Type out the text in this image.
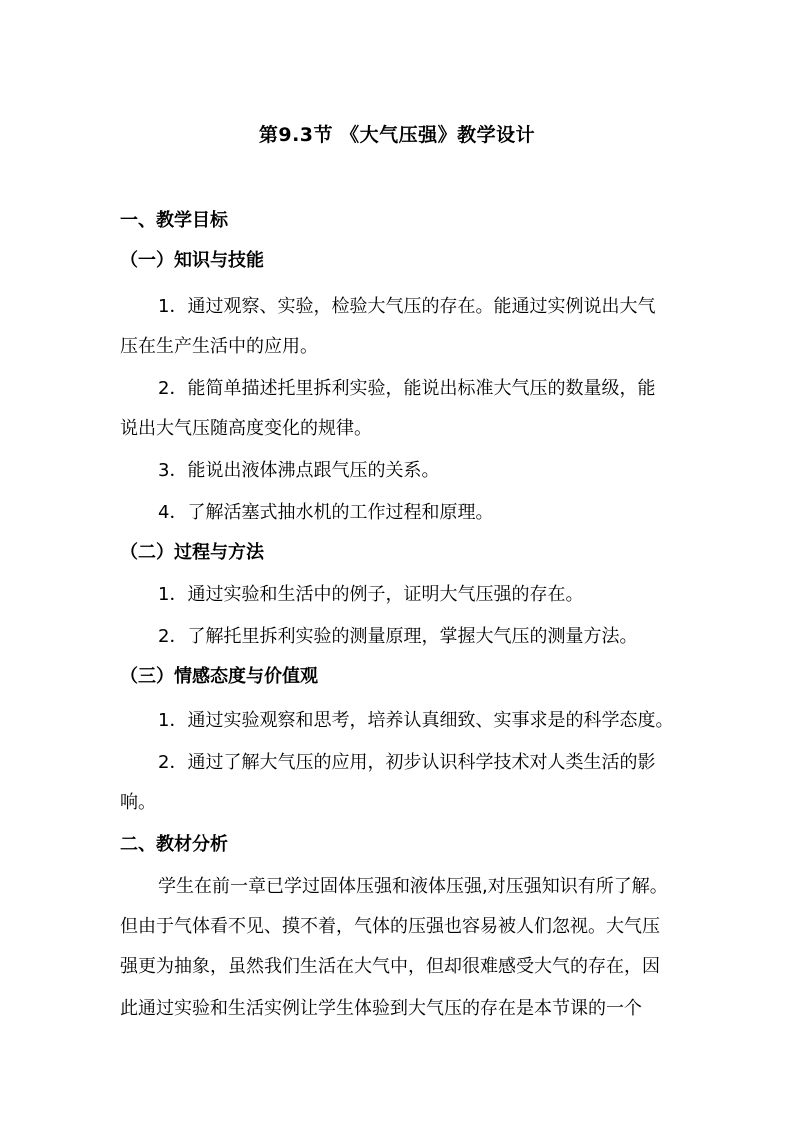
第9.3节 《大气压强》教学设计
一、教学目标
（一）知识与技能
1．通过观察、实验，检验大气压的存在。能通过实例说出大气
压在生产生活中的应用。
2．能简单描述托里拆利实验，能说出标准大气压的数量级，能
说出大气压随高度变化的规律。
3．能说出液体沸点跟气压的关系。
4．了解活塞式抽水机的工作过程和原理。
（二）过程与方法
1．通过实验和生活中的例子，证明大气压强的存在。
2．了解托里拆利实验的测量原理，掌握大气压的测量方法。
（三）情感态度与价值观
1．通过实验观察和思考，培养认真细致、实事求是的科学态度。
2．通过了解大气压的应用，初步认识科学技术对人类生活的影
响。
二、教材分析
学生在前一章已学过固体压强和液体压强,对压强知识有所了解。
但由于气体看不见、摸不着，气体的压强也容易被人们忽视。大气压
强更为抽象，虽然我们生活在大气中，但却很难感受大气的存在，因
此通过实验和生活实例让学生体验到大气压的存在是本节课的一个
